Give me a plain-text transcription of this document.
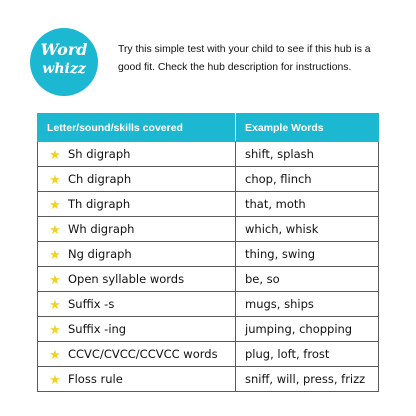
Word
whizz
Try this simple test with your child to see if this hub is a good fit. Check the hub description for instructions.
Letter/sound/skills covered	Example Words
★ Sh digraph	shift, splash
★ Ch digraph	chop, flinch
★ Th digraph	that, moth
★ Wh digraph	which, whisk
★ Ng digraph	thing, swing
★ Open syllable words	be, so
★ Suffix -s	mugs, ships
★ Suffix -ing	jumping, chopping
★ CCVC/CVCC/CCVCC words	plug, loft, frost
★ Floss rule	sniff, will, press, frizz
